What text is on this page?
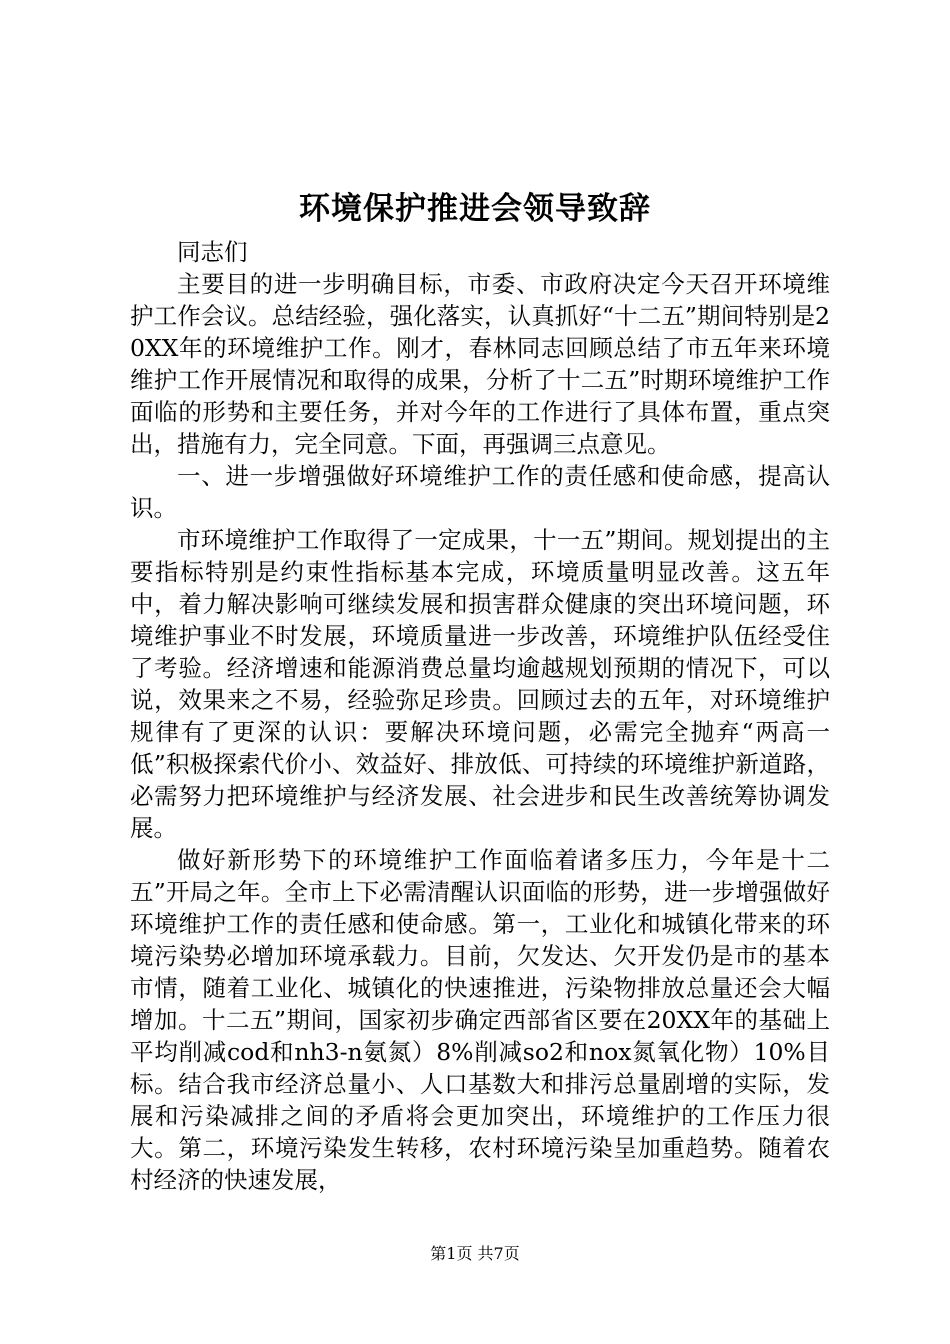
环境保护推进会领导致辞

同志们

主要目的进一步明确目标，市委、市政府决定今天召开环境维护工作会议。总结经验，强化落实，认真抓好“十二五”期间特别是20XX年的环境维护工作。刚才，春林同志回顾总结了市五年来环境维护工作开展情况和取得的成果，分析了十二五”时期环境维护工作面临的形势和主要任务，并对今年的工作进行了具体布置，重点突出，措施有力，完全同意。下面，再强调三点意见。

一、进一步增强做好环境维护工作的责任感和使命感，提高认识。

市环境维护工作取得了一定成果，十一五”期间。规划提出的主要指标特别是约束性指标基本完成，环境质量明显改善。这五年中，着力解决影响可继续发展和损害群众健康的突出环境问题，环境维护事业不时发展，环境质量进一步改善，环境维护队伍经受住了考验。经济增速和能源消费总量均逾越规划预期的情况下，可以说，效果来之不易，经验弥足珍贵。回顾过去的五年，对环境维护规律有了更深的认识：要解决环境问题，必需完全抛弃“两高一低”积极探索代价小、效益好、排放低、可持续的环境维护新道路，必需努力把环境维护与经济发展、社会进步和民生改善统筹协调发展。

做好新形势下的环境维护工作面临着诸多压力，今年是十二五”开局之年。全市上下必需清醒认识面临的形势，进一步增强做好环境维护工作的责任感和使命感。第一，工业化和城镇化带来的环境污染势必增加环境承载力。目前，欠发达、欠开发仍是市的基本市情，随着工业化、城镇化的快速推进，污染物排放总量还会大幅增加。十二五”期间，国家初步确定西部省区要在20XX年的基础上平均削减cod和nh3-n氨氮）8%削减so2和nox氮氧化物）10%目标。结合我市经济总量小、人口基数大和排污总量剧增的实际，发展和污染减排之间的矛盾将会更加突出，环境维护的工作压力很大。第二，环境污染发生转移，农村环境污染呈加重趋势。随着农村经济的快速发展，

第1页 共7页
